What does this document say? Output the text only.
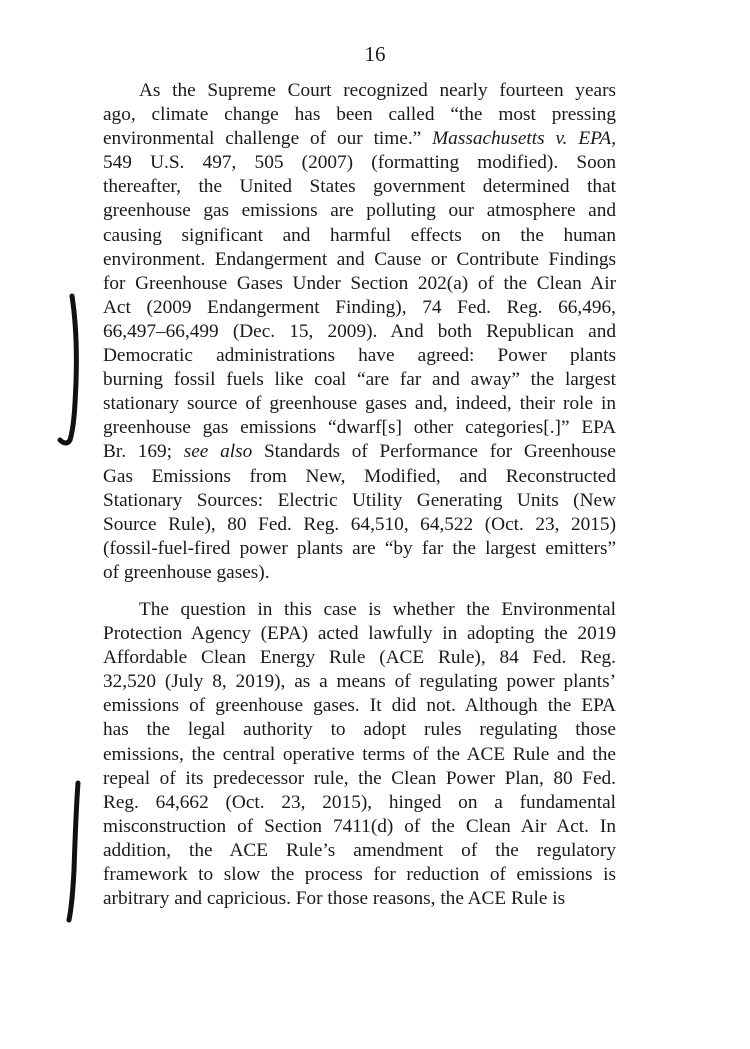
16
As the Supreme Court recognized nearly fourteen years
ago, climate change has been called “the most pressing
environmental challenge of our time.” Massachusetts v. EPA,
549 U.S. 497, 505 (2007) (formatting modified). Soon
thereafter, the United States government determined that
greenhouse gas emissions are polluting our atmosphere and
causing significant and harmful effects on the human
environment. Endangerment and Cause or Contribute Findings
for Greenhouse Gases Under Section 202(a) of the Clean Air
Act (2009 Endangerment Finding), 74 Fed. Reg. 66,496,
66,497–66,499 (Dec. 15, 2009). And both Republican and
Democratic administrations have agreed: Power plants
burning fossil fuels like coal “are far and away” the largest
stationary source of greenhouse gases and, indeed, their role in
greenhouse gas emissions “dwarf[s] other categories[.]” EPA
Br. 169; see also Standards of Performance for Greenhouse
Gas Emissions from New, Modified, and Reconstructed
Stationary Sources: Electric Utility Generating Units (New
Source Rule), 80 Fed. Reg. 64,510, 64,522 (Oct. 23, 2015)
(fossil-fuel-fired power plants are “by far the largest emitters”
of greenhouse gases).
The question in this case is whether the Environmental
Protection Agency (EPA) acted lawfully in adopting the 2019
Affordable Clean Energy Rule (ACE Rule), 84 Fed. Reg.
32,520 (July 8, 2019), as a means of regulating power plants’
emissions of greenhouse gases. It did not. Although the EPA
has the legal authority to adopt rules regulating those
emissions, the central operative terms of the ACE Rule and the
repeal of its predecessor rule, the Clean Power Plan, 80 Fed.
Reg. 64,662 (Oct. 23, 2015), hinged on a fundamental
misconstruction of Section 7411(d) of the Clean Air Act. In
addition, the ACE Rule’s amendment of the regulatory
framework to slow the process for reduction of emissions is
arbitrary and capricious. For those reasons, the ACE Rule is
